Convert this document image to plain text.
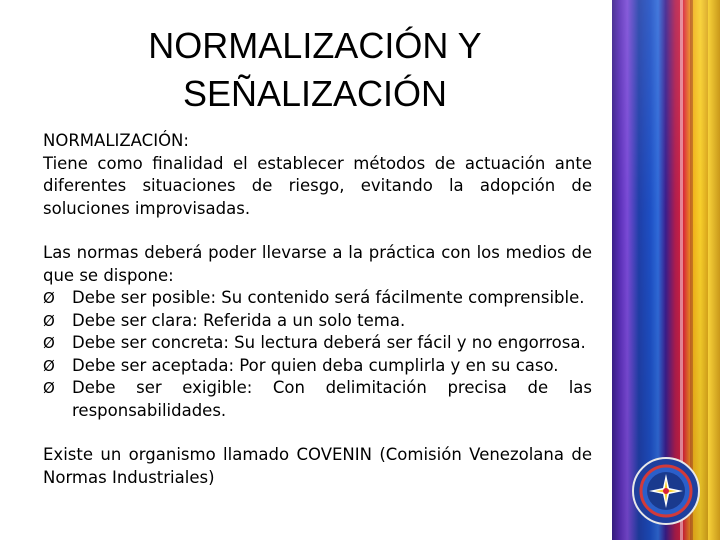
NORMALIZACIÓN Y
SEÑALIZACIÓN

NORMALIZACIÓN:

Tiene como finalidad el establecer métodos de actuación ante diferentes situaciones de riesgo, evitando la adopción de soluciones improvisadas.

Las normas deberá poder llevarse a la práctica con los medios de que se dispone:

Ø Debe ser posible: Su contenido será fácilmente comprensible.
Ø Debe ser clara: Referida a un solo tema.
Ø Debe ser concreta: Su lectura deberá ser fácil y no engorrosa.
Ø Debe ser aceptada: Por quien deba cumplirla y en su caso.
Ø Debe ser exigible: Con delimitación precisa de las responsabilidades.

Existe un organismo llamado COVENIN (Comisión Venezolana de Normas Industriales)
